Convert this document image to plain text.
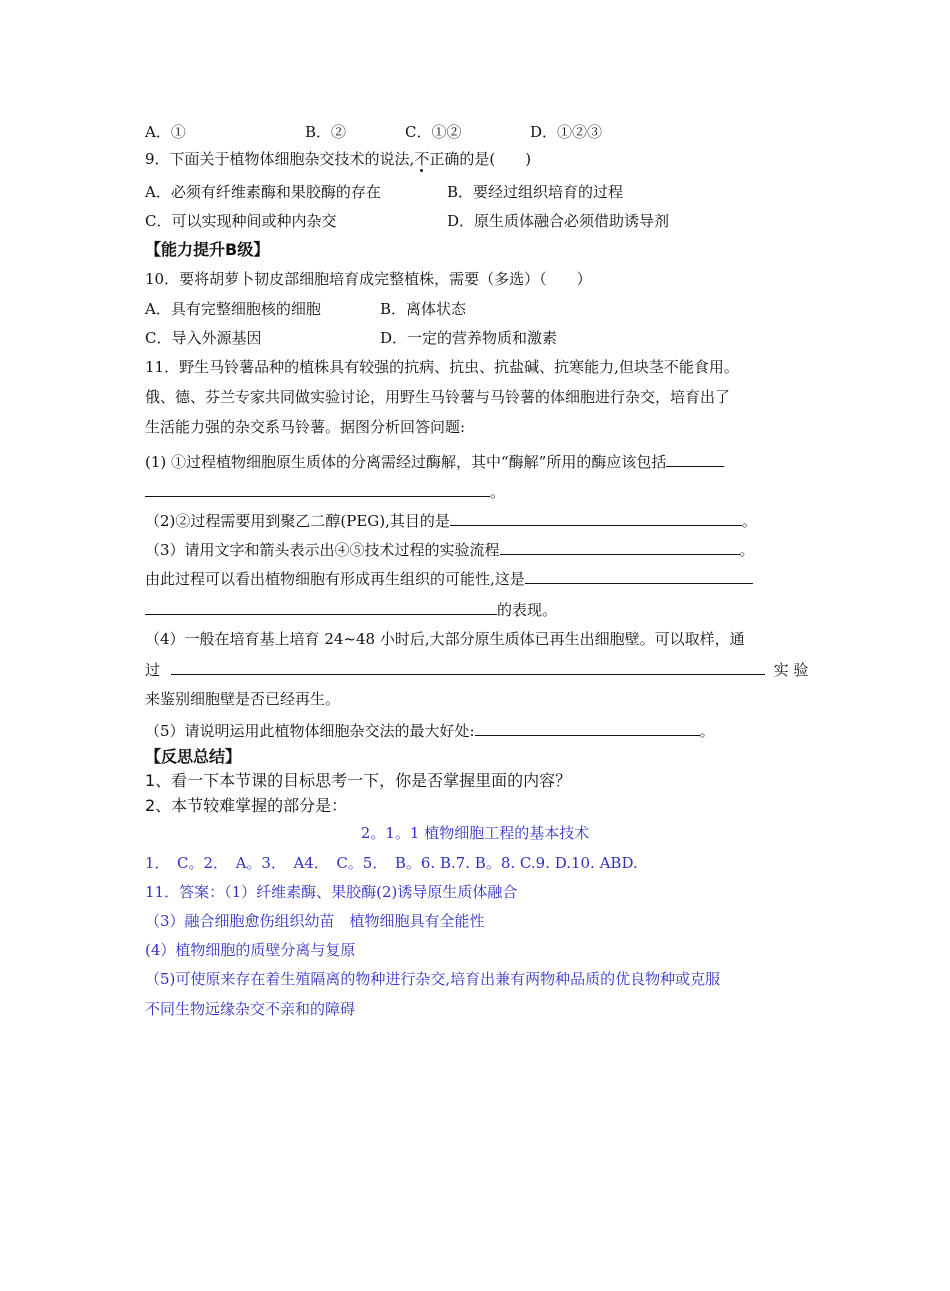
A．①	B．②	C．①②	D．①②③
9．下面关于植物体细胞杂交技术的说法,不正确的是(　　)
A．必须有纤维素酶和果胶酶的存在	B．要经过组织培育的过程
C．可以实现种间或种内杂交	D．原生质体融合必须借助诱导剂
【能力提升B级】
10．要将胡萝卜韧皮部细胞培育成完整植株，需要（多选）（　　）
A．具有完整细胞核的细胞	B．离体状态
C．导入外源基因	D．一定的营养物质和激素
11．野生马铃薯品种的植株具有较强的抗病、抗虫、抗盐碱、抗寒能力,但块茎不能食用。
俄、德、芬兰专家共同做实验讨论，用野生马铃薯与马铃薯的体细胞进行杂交，培育出了
生活能力强的杂交系马铃薯。据图分析回答问题:
(1) ①过程植物细胞原生质体的分离需经过酶解，其中“酶解”所用的酶应该包括
。
（2)②过程需要用到聚乙二醇(PEG),其目的是	。
（3）请用文字和箭头表示出④⑤技术过程的实验流程	。
由此过程可以看出植物细胞有形成再生组织的可能性,这是
的表现。
（4）一般在培育基上培育 24~48 小时后,大部分原生质体已再生出细胞壁。可以取样，通
过	实 验
来鉴别细胞壁是否已经再生。
（5）请说明运用此植物体细胞杂交法的最大好处:	。
【反思总结】
1、看一下本节课的目标思考一下，你是否掌握里面的内容？
2、本节较难掌握的部分是：
2。1。1 植物细胞工程的基本技术
1．　C。2．　A。3．　A4．　C。5．　B。6. B.7. B。8. C.9. D.10. ABD.
11．答案：（1）纤维素酶、果胶酶(2)诱导原生质体融合
（3）融合细胞愈伤组织幼苗　植物细胞具有全能性
(4）植物细胞的质壁分离与复原
（5)可使原来存在着生殖隔离的物种进行杂交,培育出兼有两物种品质的优良物种或克服
不同生物远缘杂交不亲和的障碍
